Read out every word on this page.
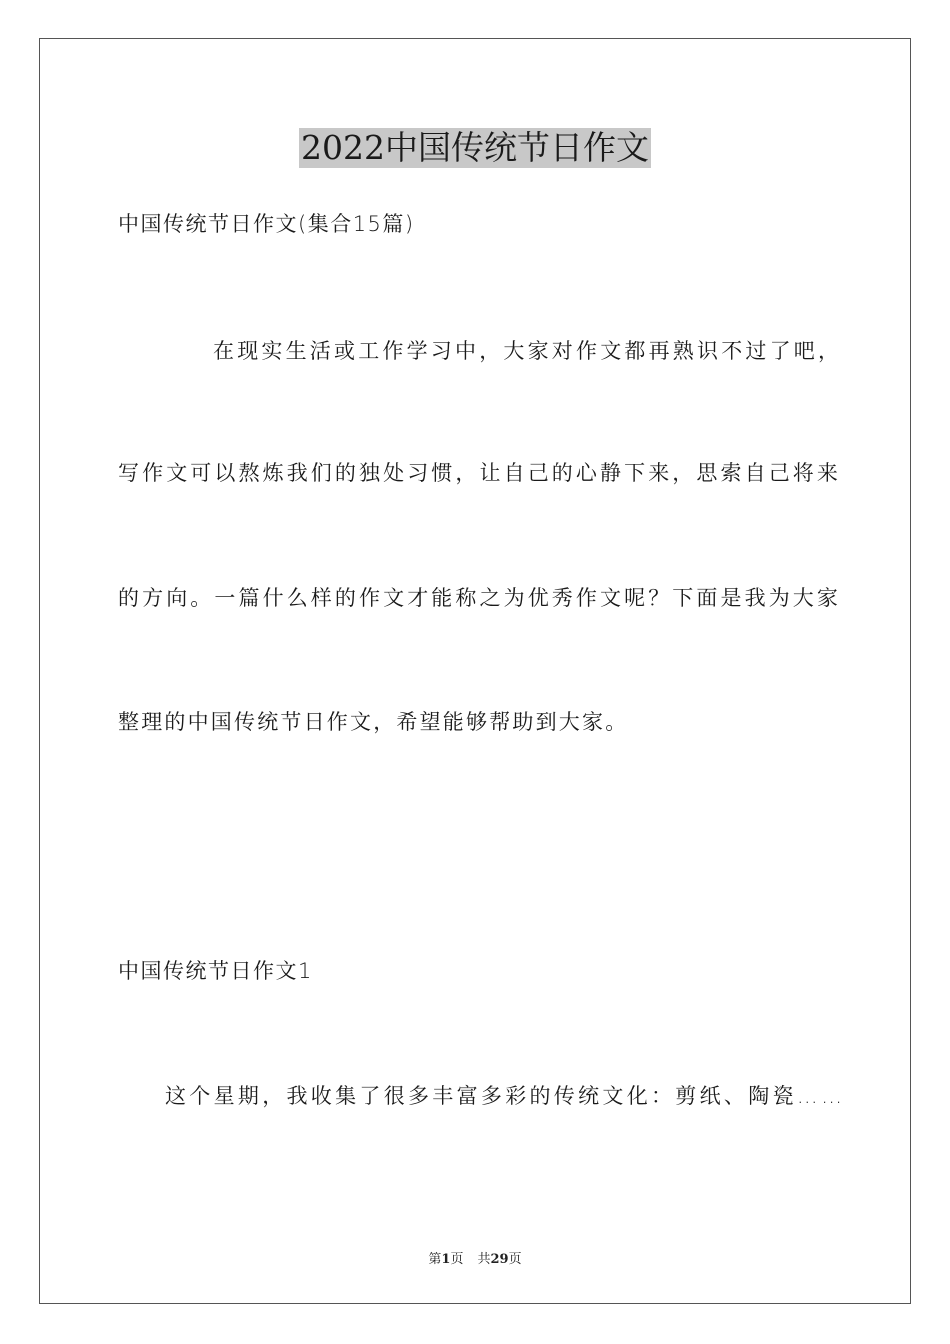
2022中国传统节日作文
中国传统节日作文(集合15篇)
在现实生活或工作学习中，大家对作文都再熟识不过了吧，
写作文可以熬炼我们的独处习惯，让自己的心静下来，思索自己将来
的方向。一篇什么样的作文才能称之为优秀作文呢？下面是我为大家
整理的中国传统节日作文，希望能够帮助到大家。
中国传统节日作文1
这个星期，我收集了很多丰富多彩的传统文化：剪纸、陶瓷……
第1页 共29页
